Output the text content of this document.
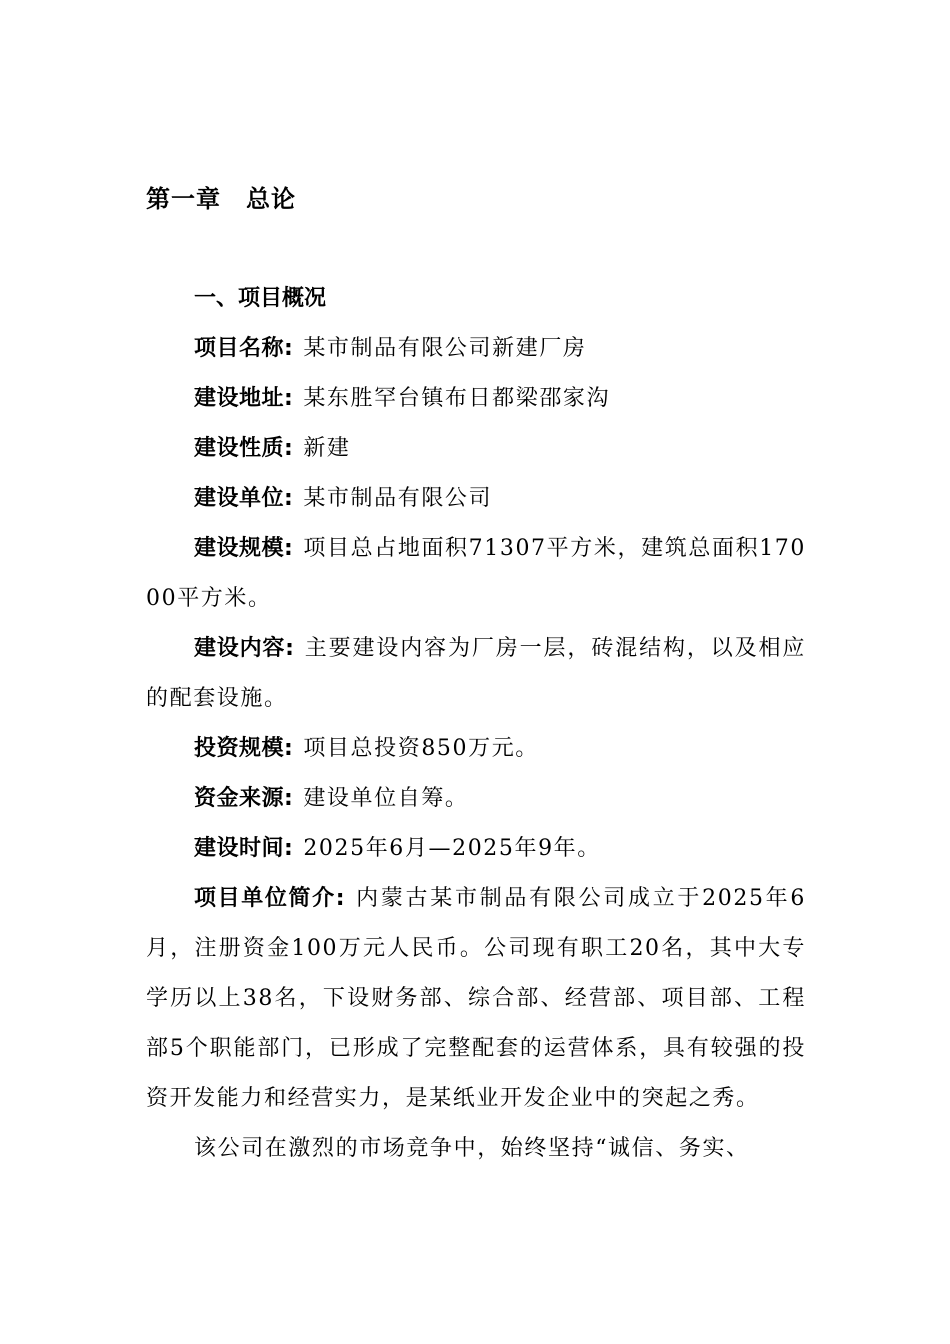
第一章　总论
一、项目概况

项目名称: 某市制品有限公司新建厂房

建设地址: 某东胜罕台镇布日都梁邵家沟

建设性质: 新建

建设单位: 某市制品有限公司

建设规模: 项目总占地面积71307平方米，建筑总面积17000平方米。

建设内容: 主要建设内容为厂房一层，砖混结构，以及相应的配套设施。

投资规模: 项目总投资850万元。

资金来源: 建设单位自筹。

建设时间: 2025年6月—2025年9年。

项目单位简介: 内蒙古某市制品有限公司成立于2025年6月，注册资金100万元人民币。公司现有职工20名，其中大专学历以上38名，下设财务部、综合部、经营部、项目部、工程部5个职能部门，已形成了完整配套的运营体系，具有较强的投资开发能力和经营实力，是某纸业开发企业中的突起之秀。

该公司在激烈的市场竞争中，始终坚持“诚信、务实、
